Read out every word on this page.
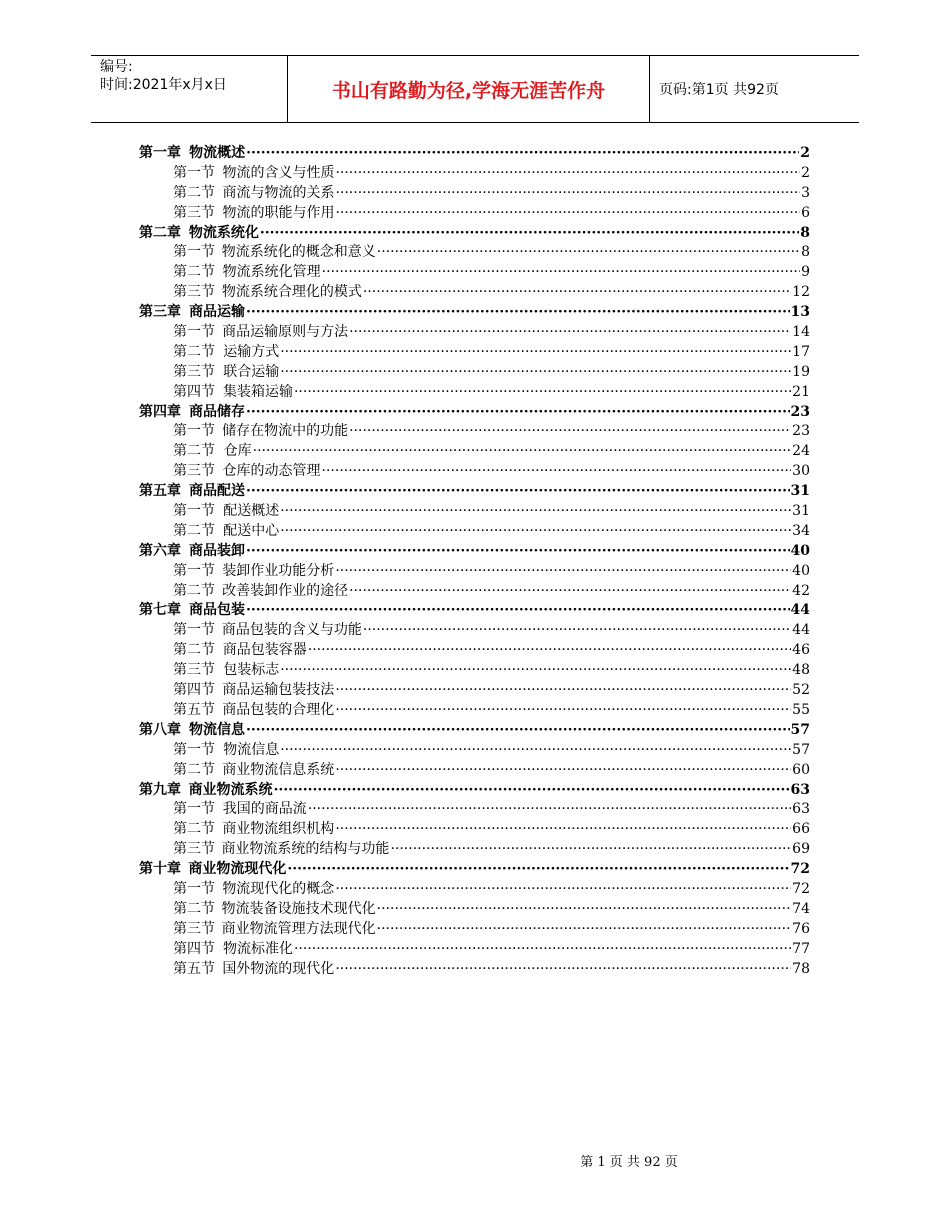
编号:
时间:2021年x月x日	书山有路勤为径,学海无涯苦作舟	页码:第1页 共92页
第一章 物流概述 ·····	2
第一节 物流的含义与性质 ·····	2
第二节 商流与物流的关系 ·····	3
第三节 物流的职能与作用 ·····	6
第二章 物流系统化 ·····	8
第一节 物流系统化的概念和意义 ·····	8
第二节 物流系统化管理 ·····	9
第三节 物流系统合理化的模式 ·····	12
第三章 商品运输 ·····	13
第一节 商品运输原则与方法 ·····	14
第二节 运输方式 ·····	17
第三节 联合运输 ·····	19
第四节 集装箱运输 ·····	21
第四章 商品储存 ·····	23
第一节 储存在物流中的功能 ·····	23
第二节 仓库 ·····	24
第三节 仓库的动态管理 ·····	30
第五章 商品配送 ·····	31
第一节 配送概述 ·····	31
第二节 配送中心 ·····	34
第六章 商品装卸 ·····	40
第一节 装卸作业功能分析 ·····	40
第二节 改善装卸作业的途径 ·····	42
第七章 商品包装 ·····	44
第一节 商品包装的含义与功能 ·····	44
第二节 商品包装容器 ·····	46
第三节 包装标志 ·····	48
第四节 商品运输包装技法 ·····	52
第五节 商品包装的合理化 ·····	55
第八章 物流信息 ·····	57
第一节 物流信息 ·····	57
第二节 商业物流信息系统 ·····	60
第九章 商业物流系统 ·····	63
第一节 我国的商品流 ·····	63
第二节 商业物流组织机构 ·····	66
第三节 商业物流系统的结构与功能 ·····	69
第十章 商业物流现代化 ·····	72
第一节 物流现代化的概念 ·····	72
第二节 物流装备设施技术现代化 ·····	74
第三节 商业物流管理方法现代化 ·····	76
第四节 物流标准化 ·····	77
第五节 国外物流的现代化 ·····	78
第 1 页 共 92 页
